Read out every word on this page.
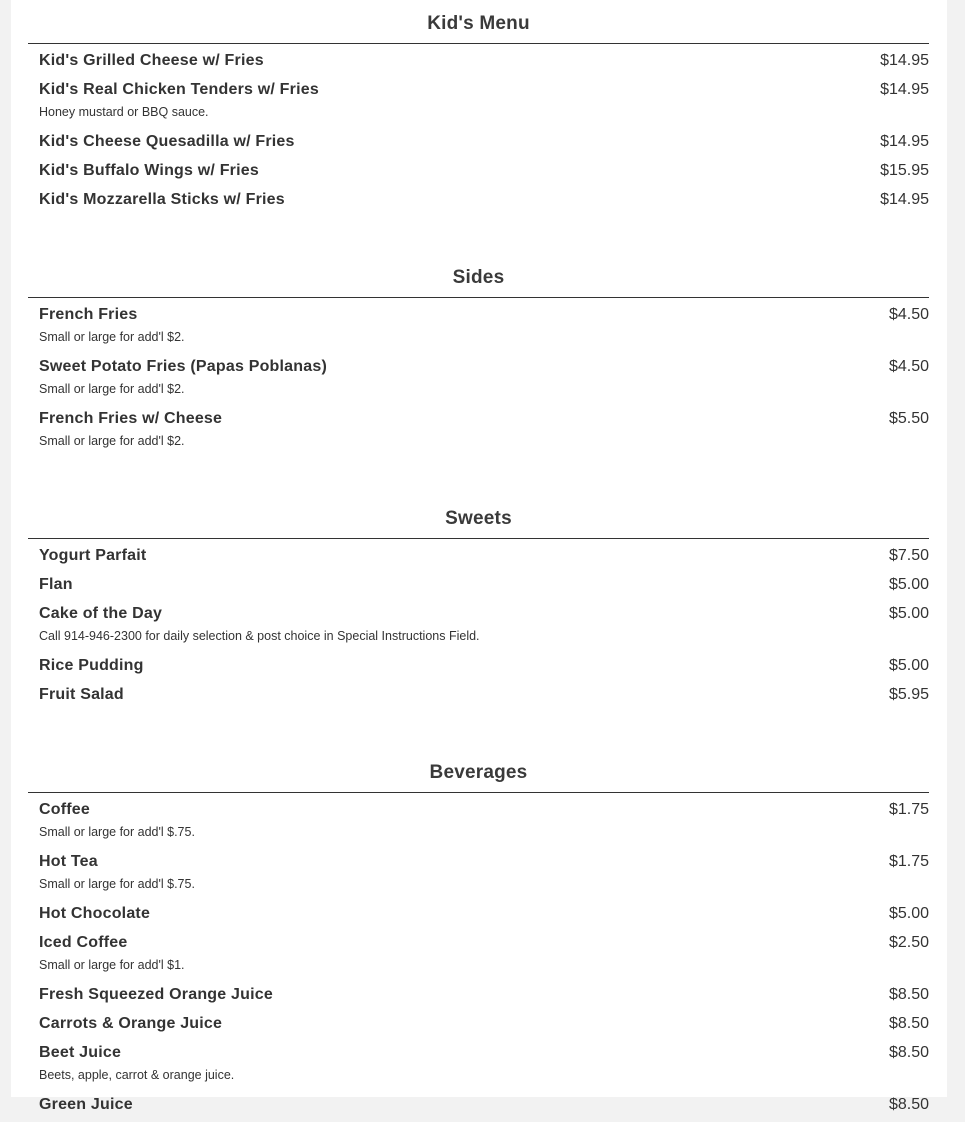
Kid's Menu
Kid's Grilled Cheese w/ Fries	$14.95
Kid's Real Chicken Tenders w/ Fries	$14.95
Honey mustard or BBQ sauce.
Kid's Cheese Quesadilla w/ Fries	$14.95
Kid's Buffalo Wings w/ Fries	$15.95
Kid's Mozzarella Sticks w/ Fries	$14.95
Sides
French Fries	$4.50
Small or large for add'l $2.
Sweet Potato Fries (Papas Poblanas)	$4.50
Small or large for add'l $2.
French Fries w/ Cheese	$5.50
Small or large for add'l $2.
Sweets
Yogurt Parfait	$7.50
Flan	$5.00
Cake of the Day	$5.00
Call 914-946-2300 for daily selection & post choice in Special Instructions Field.
Rice Pudding	$5.00
Fruit Salad	$5.95
Beverages
Coffee	$1.75
Small or large for add'l $.75.
Hot Tea	$1.75
Small or large for add'l $.75.
Hot Chocolate	$5.00
Iced Coffee	$2.50
Small or large for add'l $1.
Fresh Squeezed Orange Juice	$8.50
Carrots & Orange Juice	$8.50
Beet Juice	$8.50
Beets, apple, carrot & orange juice.
Green Juice	$8.50
